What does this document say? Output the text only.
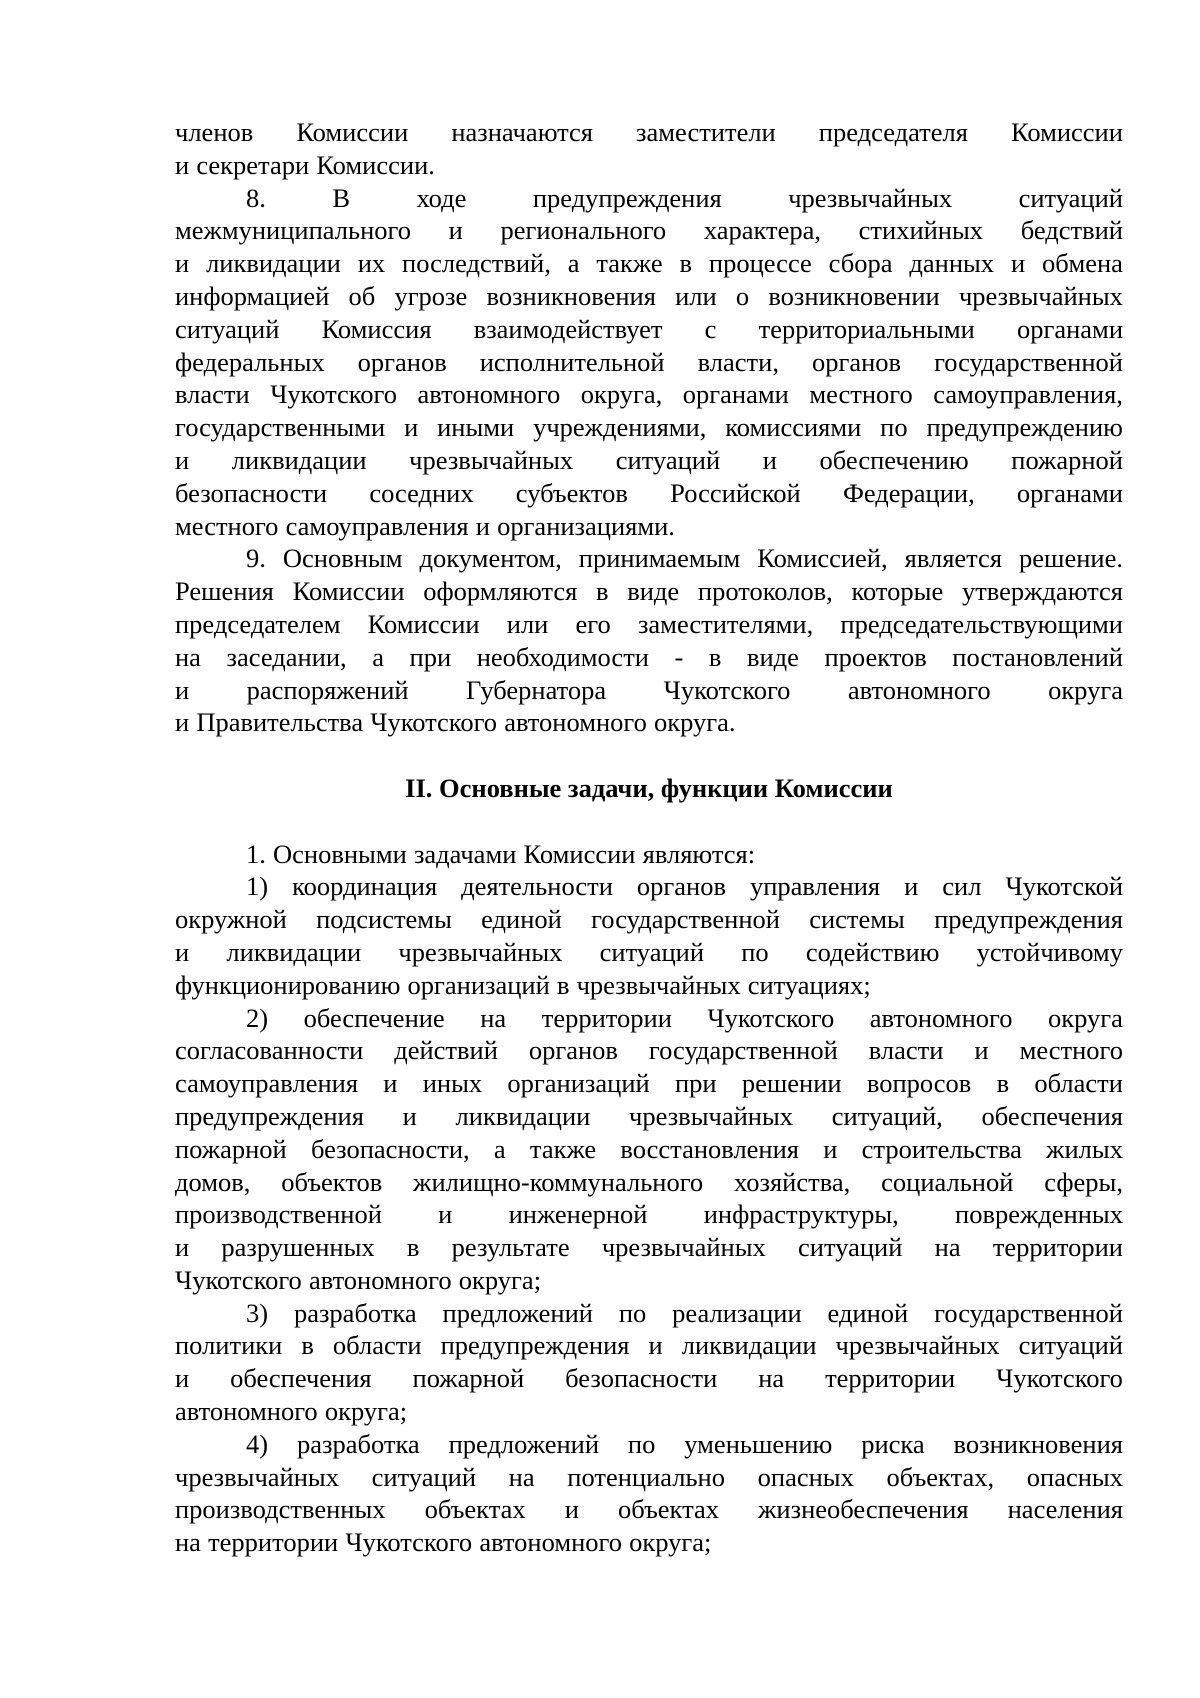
членов Комиссии назначаются заместители председателя Комиссии
и секретари Комиссии.
8.	В	ходе	предупреждения	чрезвычайных	ситуаций
межмуниципального и регионального характера, стихийных бедствий
и ликвидации их последствий, а также в процессе сбора данных и обмена
информацией об угрозе возникновения или о возникновении чрезвычайных
ситуаций Комиссия взаимодействует с территориальными органами
федеральных органов исполнительной власти, органов государственной
власти Чукотского автономного округа, органами местного самоуправления,
государственными и иными учреждениями, комиссиями по предупреждению
и ликвидации чрезвычайных ситуаций и обеспечению пожарной
безопасности соседних субъектов Российской Федерации, органами
местного самоуправления и организациями.
9. Основным документом, принимаемым Комиссией, является решение.
Решения Комиссии оформляются в виде протоколов, которые утверждаются
председателем Комиссии или его заместителями, председательствующими
на заседании, а при необходимости - в виде проектов постановлений
и распоряжений Губернатора Чукотского автономного округа
и Правительства Чукотского автономного округа.
II. Основные задачи, функции Комиссии
1. Основными задачами Комиссии являются:
1) координация деятельности органов управления и сил Чукотской
окружной подсистемы единой государственной системы предупреждения
и ликвидации чрезвычайных ситуаций по содействию устойчивому
функционированию организаций в чрезвычайных ситуациях;
2) обеспечение на территории Чукотского автономного округа
согласованности действий органов государственной власти и местного
самоуправления и иных организаций при решении вопросов в области
предупреждения и ликвидации чрезвычайных ситуаций, обеспечения
пожарной безопасности, а также восстановления и строительства жилых
домов, объектов жилищно-коммунального хозяйства, социальной сферы,
производственной и инженерной инфраструктуры, поврежденных
и разрушенных в результате чрезвычайных ситуаций на территории
Чукотского автономного округа;
3) разработка предложений по реализации единой государственной
политики в области предупреждения и ликвидации чрезвычайных ситуаций
и обеспечения пожарной безопасности на территории Чукотского
автономного округа;
4) разработка предложений по уменьшению риска возникновения
чрезвычайных ситуаций на потенциально опасных объектах, опасных
производственных объектах и объектах жизнеобеспечения населения
на территории Чукотского автономного округа;
